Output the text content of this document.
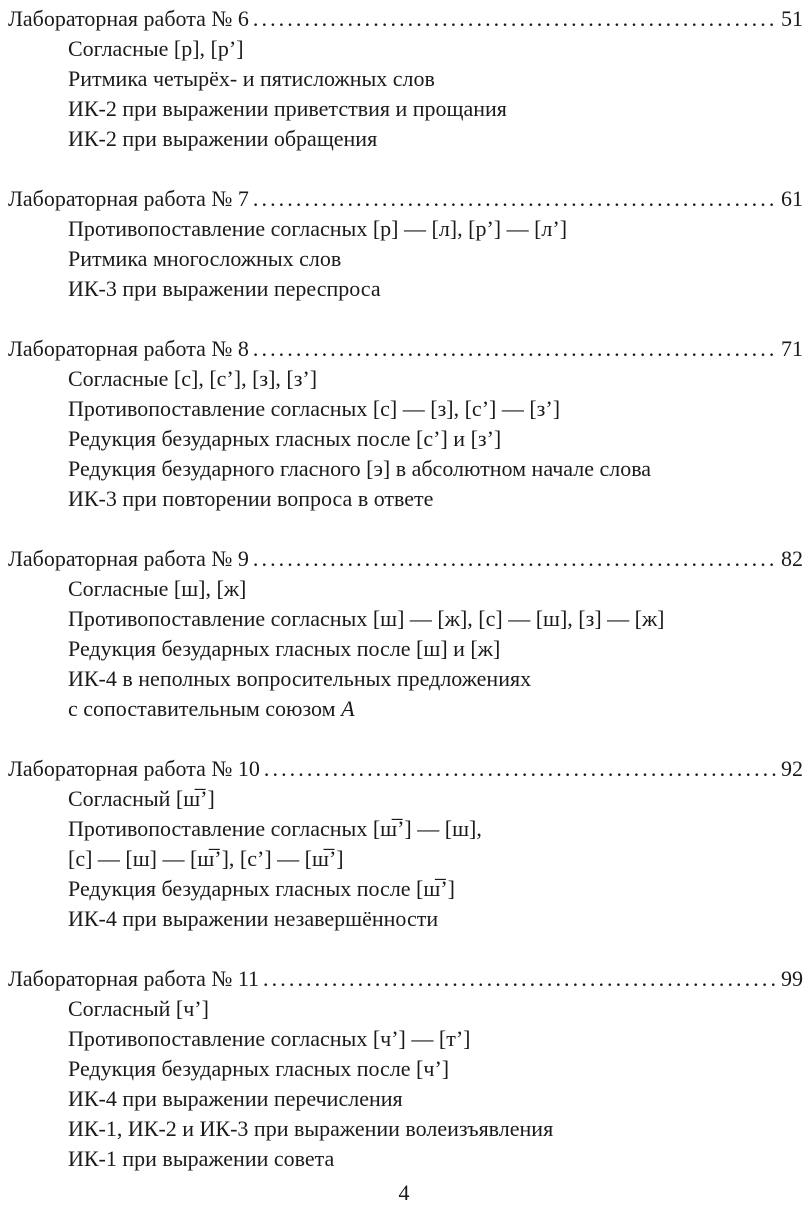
Лабораторная работа № 6 . . .	51
Согласные [р], [р’]
Ритмика четырёх- и пятисложных слов
ИК-2 при выражении приветствия и прощания
ИК-2 при выражении обращения
Лабораторная работа № 7 . . .	61
Противопоставление согласных [р] — [л], [р’] — [л’]
Ритмика многосложных слов
ИК-3 при выражении переспроса
Лабораторная работа № 8 . . .	71
Согласные [с], [с’], [з], [з’]
Противопоставление согласных [с] — [з], [с’] — [з’]
Редукция безударных гласных после [с’] и [з’]
Редукция безударного гласного [э] в абсолютном начале слова
ИК-3 при повторении вопроса в ответе
Лабораторная работа № 9 . . .	82
Согласные [ш], [ж]
Противопоставление согласных [ш] — [ж], [с] — [ш], [з] — [ж]
Редукция безударных гласных после [ш] и [ж]
ИК-4 в неполных вопросительных предложениях
с сопоставительным союзом А
Лабораторная работа № 10 . . .	92
Согласный [ш̅’]
Противопоставление согласных [ш̅’] — [ш],
[с] — [ш] — [ш̅’], [с’] — [ш̅’]
Редукция безударных гласных после [ш̅’]
ИК-4 при выражении незавершённости
Лабораторная работа № 11 . . .	99
Согласный [ч’]
Противопоставление согласных [ч’] — [т’]
Редукция безударных гласных после [ч’]
ИК-4 при выражении перечисления
ИК-1, ИК-2 и ИК-3 при выражении волеизъявления
ИК-1 при выражении совета
4
